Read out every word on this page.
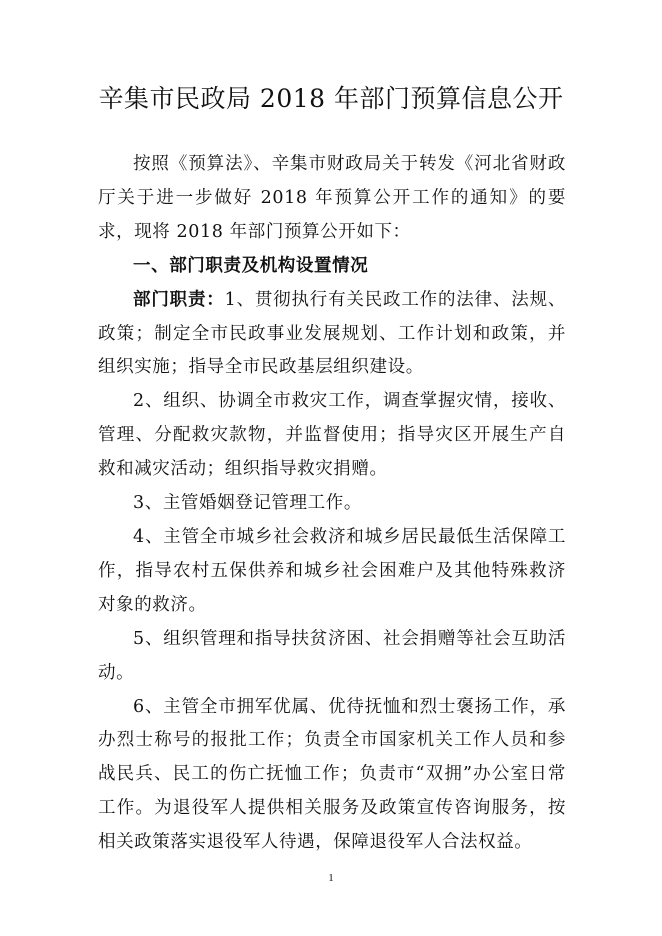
辛集市民政局 2018 年部门预算信息公开

按照《预算法》、辛集市财政局关于转发《河北省财政厅关于进一步做好 2018 年预算公开工作的通知》的要求，现将 2018 年部门预算公开如下：

一、部门职责及机构设置情况

部门职责：1、贯彻执行有关民政工作的法律、法规、政策；制定全市民政事业发展规划、工作计划和政策，并组织实施；指导全市民政基层组织建设。

2、组织、协调全市救灾工作，调查掌握灾情，接收、管理、分配救灾款物，并监督使用；指导灾区开展生产自救和减灾活动；组织指导救灾捐赠。

3、主管婚姻登记管理工作。

4、主管全市城乡社会救济和城乡居民最低生活保障工作，指导农村五保供养和城乡社会困难户及其他特殊救济对象的救济。

5、组织管理和指导扶贫济困、社会捐赠等社会互助活动。

6、主管全市拥军优属、优待抚恤和烈士褒扬工作，承办烈士称号的报批工作；负责全市国家机关工作人员和参战民兵、民工的伤亡抚恤工作；负责市“双拥”办公室日常工作。为退役军人提供相关服务及政策宣传咨询服务，按相关政策落实退役军人待遇，保障退役军人合法权益。

1
